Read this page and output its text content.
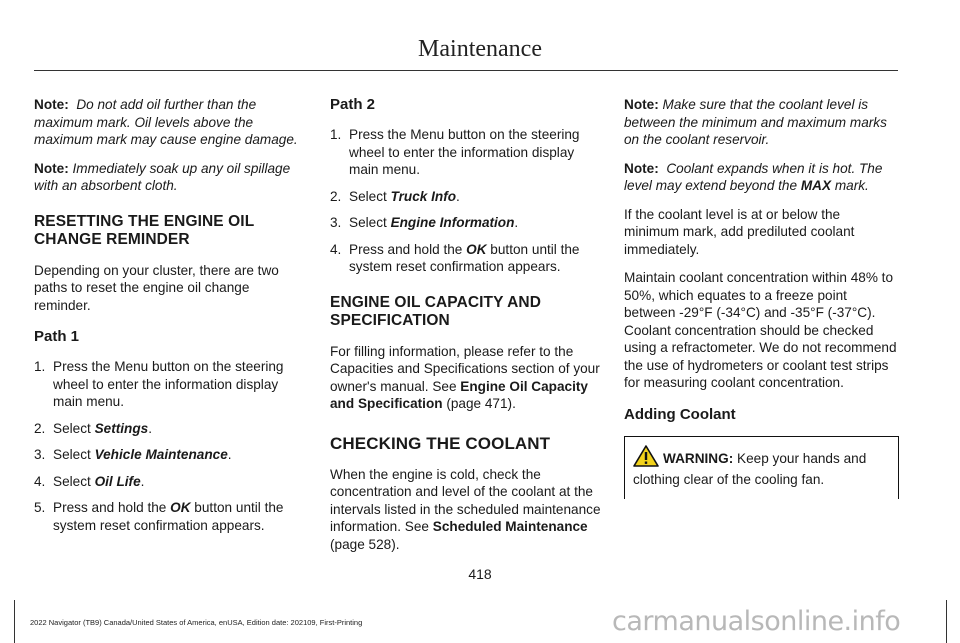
Maintenance

Note: Do not add oil further than the maximum mark. Oil levels above the maximum mark may cause engine damage.

Note: Immediately soak up any oil spillage with an absorbent cloth.

RESETTING THE ENGINE OIL CHANGE REMINDER

Depending on your cluster, there are two paths to reset the engine oil change reminder.

Path 1
1. Press the Menu button on the steering wheel to enter the information display main menu.
2. Select Settings.
3. Select Vehicle Maintenance.
4. Select Oil Life.
5. Press and hold the OK button until the system reset confirmation appears.
Path 2
1. Press the Menu button on the steering wheel to enter the information display main menu.
2. Select Truck Info.
3. Select Engine Information.
4. Press and hold the OK button until the system reset confirmation appears.
ENGINE OIL CAPACITY AND SPECIFICATION

For filling information, please refer to the Capacities and Specifications section of your owner's manual. See Engine Oil Capacity and Specification (page 471).

CHECKING THE COOLANT

When the engine is cold, check the concentration and level of the coolant at the intervals listed in the scheduled maintenance information. See Scheduled Maintenance (page 528).

Note: Make sure that the coolant level is between the minimum and maximum marks on the coolant reservoir.

Note: Coolant expands when it is hot. The level may extend beyond the MAX mark.

If the coolant level is at or below the minimum mark, add prediluted coolant immediately.

Maintain coolant concentration within 48% to 50%, which equates to a freeze point between -29°F (-34°C) and -35°F (-37°C). Coolant concentration should be checked using a refractometer. We do not recommend the use of hydrometers or coolant test strips for measuring coolant concentration.

Adding Coolant
WARNING: Keep your hands and clothing clear of the cooling fan.
418
2022 Navigator (TB9) Canada/United States of America, enUSA, Edition date: 202109, First-Printing	carmanualsonline.info
